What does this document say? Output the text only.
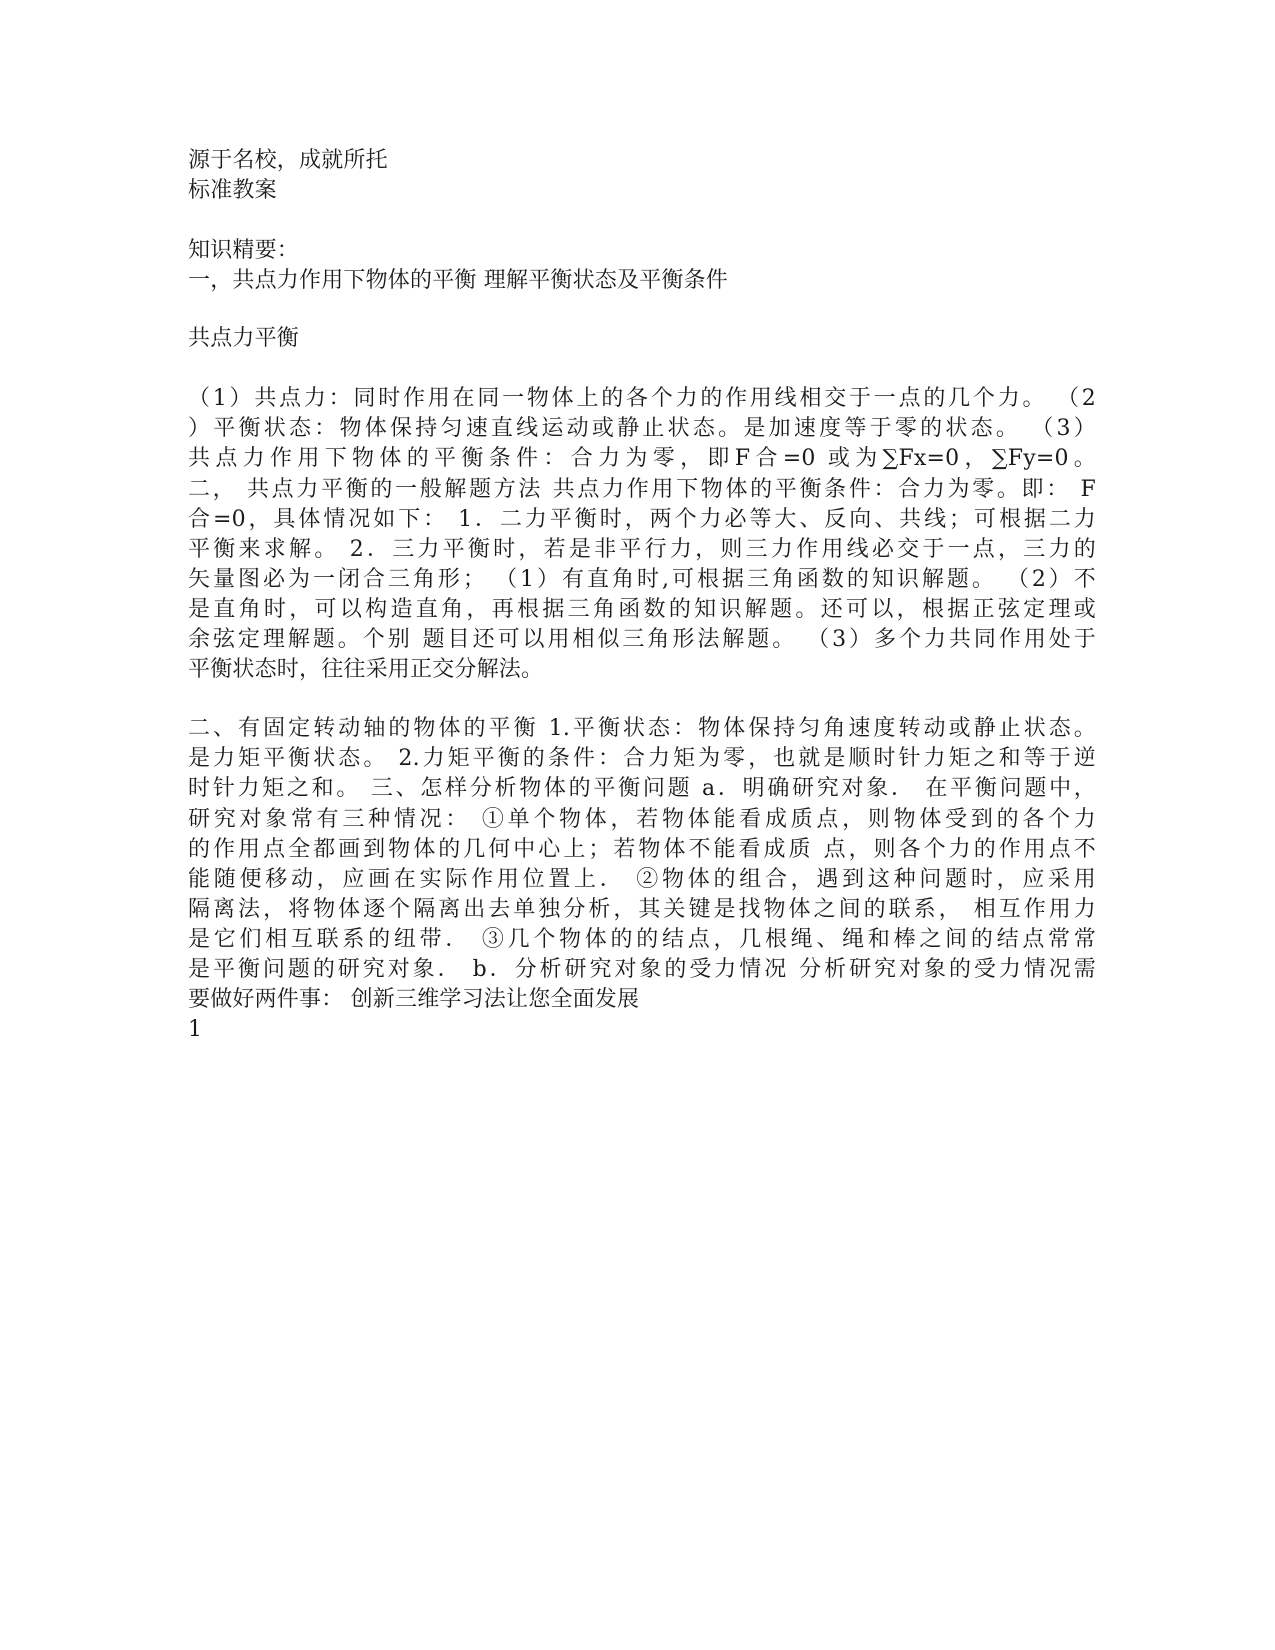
源于名校，成就所托
标准教案
知识精要：
一，共点力作用下物体的平衡 理解平衡状态及平衡条件
共点力平衡
（1）共点力：同时作用在同一物体上的各个力的作用线相交于一点的几个力。 （2
）平衡状态：物体保持匀速直线运动或静止状态。是加速度等于零的状态。 （3）
共点力作用下物体的平衡条件：合力为零，即F合=0 或为∑Fx=0，∑Fy=0。
二， 共点力平衡的一般解题方法 共点力作用下物体的平衡条件：合力为零。即： F
合=0，具体情况如下： 1．二力平衡时，两个力必等大、反向、共线；可根据二力
平衡来求解。 2．三力平衡时，若是非平行力，则三力作用线必交于一点，三力的
矢量图必为一闭合三角形； （1）有直角时,可根据三角函数的知识解题。 （2）不
是直角时，可以构造直角，再根据三角函数的知识解题。还可以，根据正弦定理或
余弦定理解题。个别 题目还可以用相似三角形法解题。 （3）多个力共同作用处于
平衡状态时，往往采用正交分解法。
二、有固定转动轴的物体的平衡 1.平衡状态：物体保持匀角速度转动或静止状态。
是力矩平衡状态。 2.力矩平衡的条件：合力矩为零，也就是顺时针力矩之和等于逆
时针力矩之和。 三、怎样分析物体的平衡问题 a．明确研究对象． 在平衡问题中，
研究对象常有三种情况： ①单个物体，若物体能看成质点，则物体受到的各个力
的作用点全都画到物体的几何中心上；若物体不能看成质 点，则各个力的作用点不
能随便移动，应画在实际作用位置上． ②物体的组合，遇到这种问题时，应采用
隔离法，将物体逐个隔离出去单独分析，其关键是找物体之间的联系， 相互作用力
是它们相互联系的纽带． ③几个物体的的结点，几根绳、绳和棒之间的结点常常
是平衡问题的研究对象． b．分析研究对象的受力情况 分析研究对象的受力情况需
要做好两件事： 创新三维学习法让您全面发展
1
